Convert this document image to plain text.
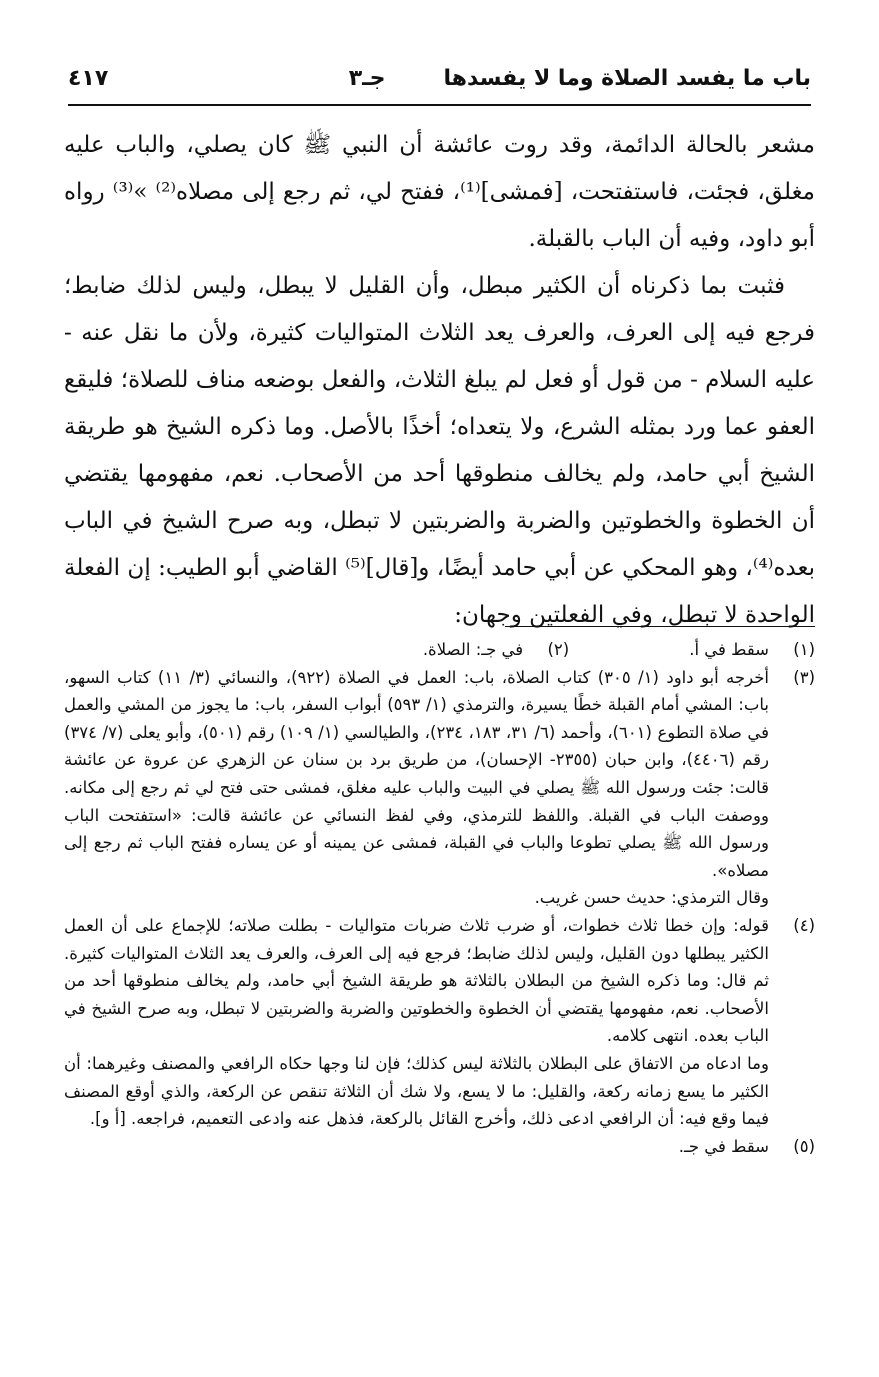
باب ما يفسد الصلاة وما لا يفسدها
جـ٣
٤١٧

مشعر بالحالة الدائمة، وقد روت عائشة أن النبي ﷺ كان يصلي، والباب عليه مغلق، فجئت، فاستفتحت، [فمشى]⁽¹⁾، ففتح لي، ثم رجع إلى مصلاه⁽²⁾ »⁽³⁾ رواه أبو داود، وفيه أن الباب بالقبلة.

فثبت بما ذكرناه أن الكثير مبطل، وأن القليل لا يبطل، وليس لذلك ضابط؛ فرجع فيه إلى العرف، والعرف يعد الثلاث المتواليات كثيرة، ولأن ما نقل عنه - عليه السلام - من قول أو فعل لم يبلغ الثلاث، والفعل بوضعه مناف للصلاة؛ فليقع العفو عما ورد بمثله الشرع، ولا يتعداه؛ أخذًا بالأصل. وما ذكره الشيخ هو طريقة الشيخ أبي حامد، ولم يخالف منطوقها أحد من الأصحاب. نعم، مفهومها يقتضي أن الخطوة والخطوتين والضربة والضربتين لا تبطل، وبه صرح الشيخ في الباب بعده⁽⁴⁾، وهو المحكي عن أبي حامد أيضًا، و[قال]⁽⁵⁾ القاضي أبو الطيب: إن الفعلة الواحدة لا تبطل، وفي الفعلتين وجهان:

(١)
سقط في أ.
(٢)
في جـ: الصلاة.
(٣)

أخرجه أبو داود (١/ ٣٠٥) كتاب الصلاة، باب: العمل في الصلاة (٩٢٢)، والنسائي (٣/ ١١) كتاب السهو، باب: المشي أمام القبلة خطًا يسيرة، والترمذي (١/ ٥٩٣) أبواب السفر، باب: ما يجوز من المشي والعمل في صلاة التطوع (٦٠١)، وأحمد (٦/ ٣١، ١٨٣، ٢٣٤)، والطيالسي (١/ ١٠٩) رقم (٥٠١)، وأبو يعلى (٧/ ٣٧٤) رقم (٤٤٠٦)، وابن حبان (٢٣٥٥- الإحسان)، من طريق برد بن سنان عن الزهري عن عروة عن عائشة قالت: جئت ورسول الله ﷺ يصلي في البيت والباب عليه مغلق، فمشى حتى فتح لي ثم رجع إلى مكانه. ووصفت الباب في القبلة. واللفظ للترمذي، وفي لفظ النسائي عن عائشة قالت: «استفتحت الباب ورسول الله ﷺ يصلي تطوعا والباب في القبلة، فمشى عن يمينه أو عن يساره ففتح الباب ثم رجع إلى مصلاه».

وقال الترمذي: حديث حسن غريب.

(٤)

قوله: وإن خطا ثلاث خطوات، أو ضرب ثلاث ضربات متواليات - بطلت صلاته؛ للإجماع على أن العمل الكثير يبطلها دون القليل، وليس لذلك ضابط؛ فرجع فيه إلى العرف، والعرف يعد الثلاث المتواليات كثيرة. ثم قال: وما ذكره الشيخ من البطلان بالثلاثة هو طريقة الشيخ أبي حامد، ولم يخالف منطوقها أحد من الأصحاب. نعم، مفهومها يقتضي أن الخطوة والخطوتين والضربة والضربتين لا تبطل، وبه صرح الشيخ في الباب بعده. انتهى كلامه.

وما ادعاه من الاتفاق على البطلان بالثلاثة ليس كذلك؛ فإن لنا وجها حكاه الرافعي والمصنف وغيرهما: أن الكثير ما يسع زمانه ركعة، والقليل: ما لا يسع، ولا شك أن الثلاثة تنقص عن الركعة، والذي أوقع المصنف فيما وقع فيه: أن الرافعي ادعى ذلك، وأخرج القائل بالركعة، فذهل عنه وادعى التعميم، فراجعه. [أ و].

(٥)

سقط في جـ.
